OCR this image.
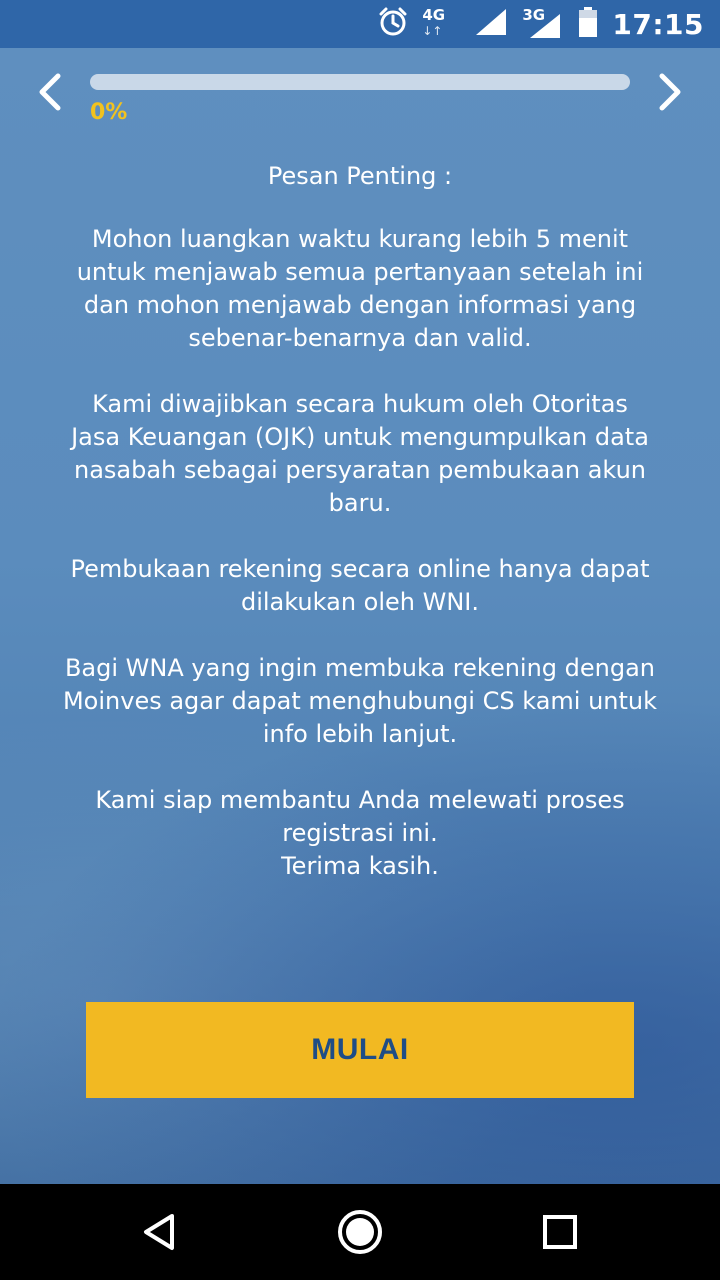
4G
↓↑
3G 17:15
0%
Pesan Penting :

Mohon luangkan waktu kurang lebih 5 menit
untuk menjawab semua pertanyaan setelah ini
dan mohon menjawab dengan informasi yang
sebenar-benarnya dan valid.

Kami diwajibkan secara hukum oleh Otoritas
Jasa Keuangan (OJK) untuk mengumpulkan data
nasabah sebagai persyaratan pembukaan akun
baru.

Pembukaan rekening secara online hanya dapat
dilakukan oleh WNI.

Bagi WNA yang ingin membuka rekening dengan
Moinves agar dapat menghubungi CS kami untuk
info lebih lanjut.

Kami siap membantu Anda melewati proses
registrasi ini.
Terima kasih.

MULAI
